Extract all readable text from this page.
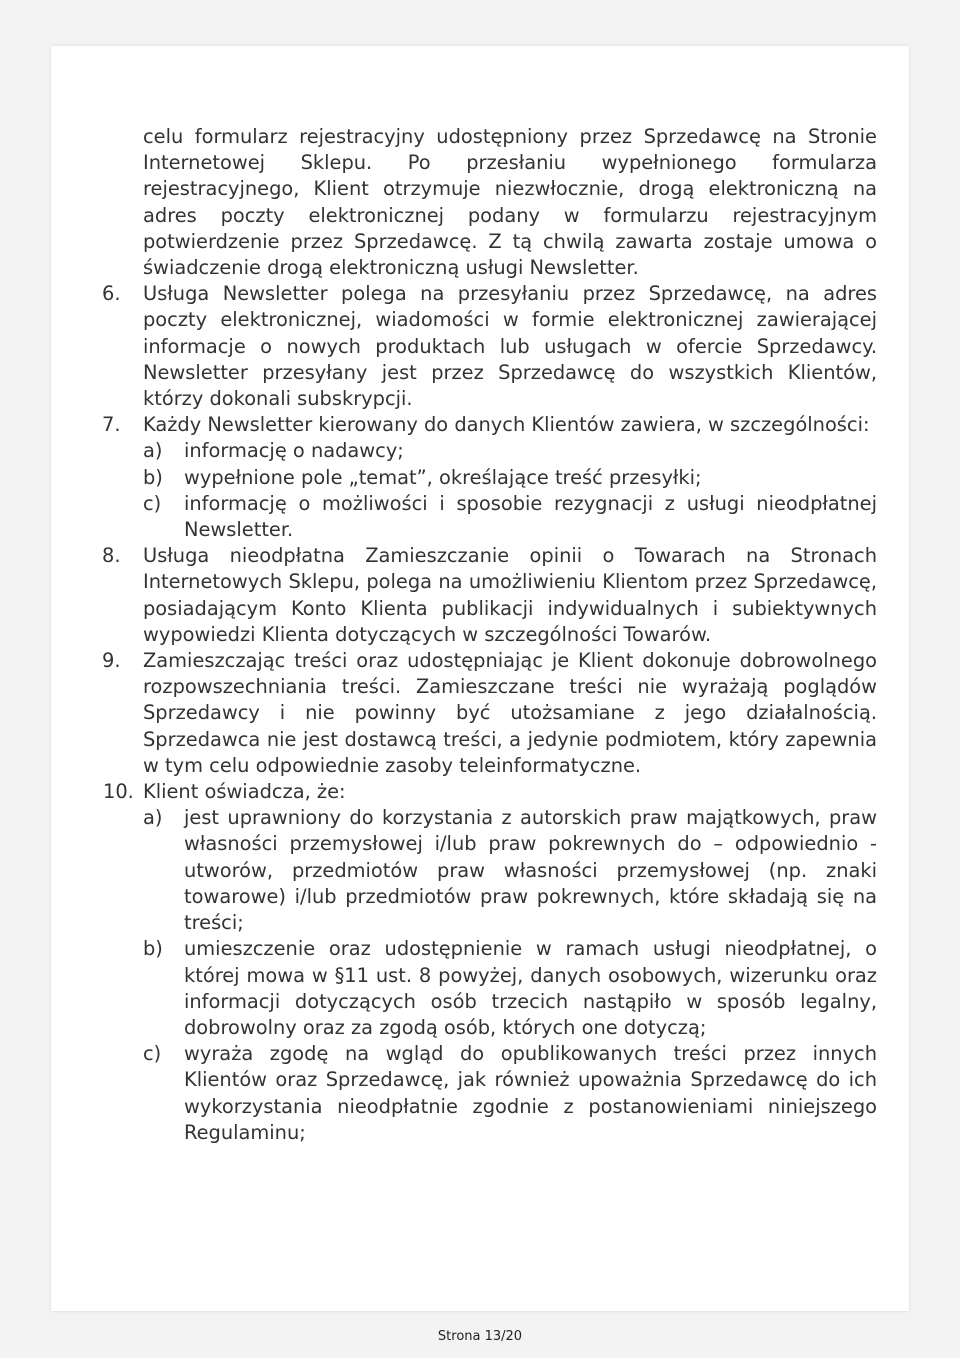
celu formularz rejestracyjny udostępniony przez Sprzedawcę na Stronie Internetowej Sklepu. Po przesłaniu wypełnionego formularza rejestracyjnego, Klient otrzymuje niezwłocznie, drogą elektroniczną na adres poczty elektronicznej podany w formularzu rejestracyjnym potwierdzenie przez Sprzedawcę. Z tą chwilą zawarta zostaje umowa o świadczenie drogą elektroniczną usługi Newsletter.

6.	Usługa Newsletter polega na przesyłaniu przez Sprzedawcę, na adres poczty elektronicznej, wiadomości w formie elektronicznej zawierającej informacje o nowych produktach lub usługach w ofercie Sprzedawcy. Newsletter przesyłany jest przez Sprzedawcę do wszystkich Klientów, którzy dokonali subskrypcji.

7.	Każdy Newsletter kierowany do danych Klientów zawiera, w szczególności:

a) informację o nadawcy;

b) wypełnione pole „temat”, określające treść przesyłki;

c) informację o możliwości i sposobie rezygnacji z usługi nieodpłatnej Newsletter.

8.	Usługa nieodpłatna Zamieszczanie opinii o Towarach na Stronach Internetowych Sklepu, polega na umożliwieniu Klientom przez Sprzedawcę, posiadającym Konto Klienta publikacji indywidualnych i subiektywnych wypowiedzi Klienta dotyczących w szczególności Towarów.

9.	Zamieszczając treści oraz udostępniając je Klient dokonuje dobrowolnego rozpowszechniania treści. Zamieszczane treści nie wyrażają poglądów Sprzedawcy i nie powinny być utożsamiane z jego działalnością. Sprzedawca nie jest dostawcą treści, a jedynie podmiotem, który zapewnia w tym celu odpowiednie zasoby teleinformatyczne.

10. Klient oświadcza, że:

a) jest uprawniony do korzystania z autorskich praw majątkowych, praw własności przemysłowej i/lub praw pokrewnych do – odpowiednio - utworów, przedmiotów praw własności przemysłowej (np. znaki towarowe) i/lub przedmiotów praw pokrewnych, które składają się na treści;

b) umieszczenie oraz udostępnienie w ramach usługi nieodpłatnej, o której mowa w §11 ust. 8 powyżej, danych osobowych, wizerunku oraz informacji dotyczących osób trzecich nastąpiło w sposób legalny, dobrowolny oraz za zgodą osób, których one dotyczą;

c) wyraża zgodę na wgląd do opublikowanych treści przez innych Klientów oraz Sprzedawcę, jak również upoważnia Sprzedawcę do ich wykorzystania nieodpłatnie zgodnie z postanowieniami niniejszego Regulaminu;

Strona 13/20
